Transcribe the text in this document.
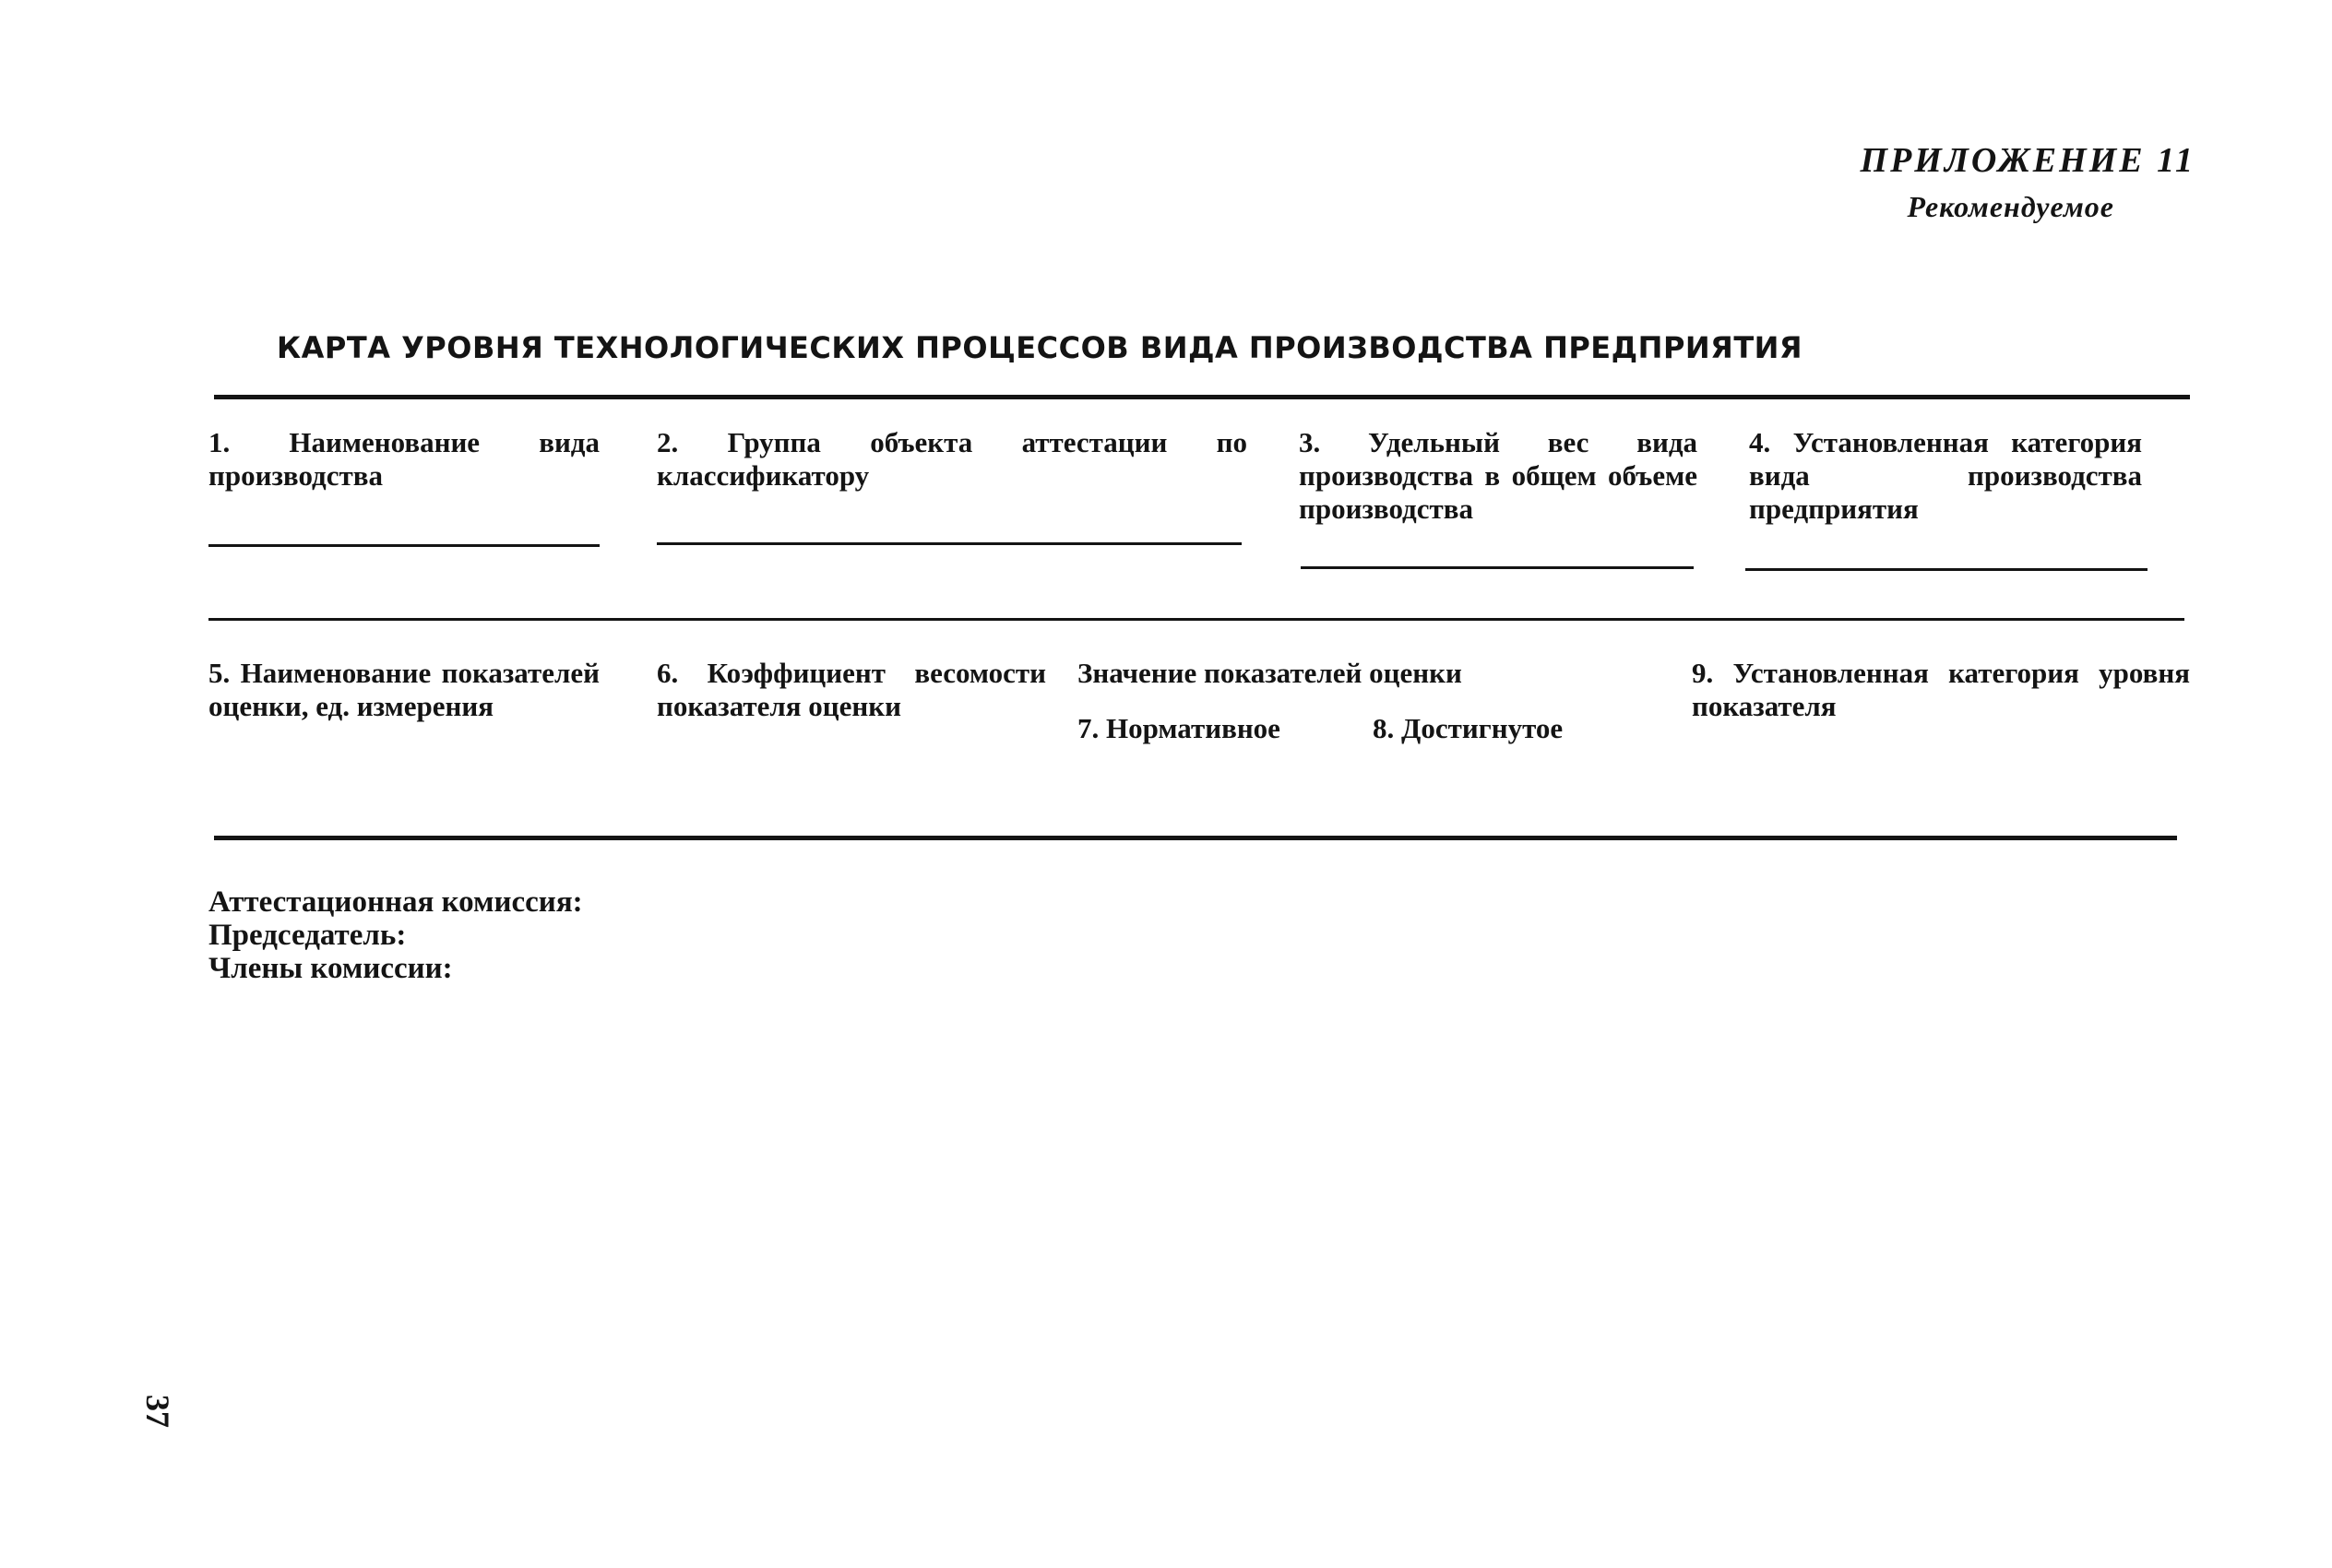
ПРИЛОЖЕНИЕ 11
Рекомендуемое
КАРТА УРОВНЯ ТЕХНОЛОГИЧЕСКИХ ПРОЦЕССОВ ВИДА ПРОИЗВОДСТВА ПРЕДПРИЯТИЯ
1. Наименование вида производства
2. Группа объекта аттестации по классификатору
3. Удельный вес вида производства в общем объеме производства
4. Установленная категория вида производства предприятия
5. Наименование показателей оценки, ед. измерения
6. Коэффициент весомости показателя оценки
Значение показателей оценки
7. Нормативное	8. Достигнутое
9. Установленная категория уровня показателя
Аттестационная комиссия:
Председатель:
Члены комиссии:
37
